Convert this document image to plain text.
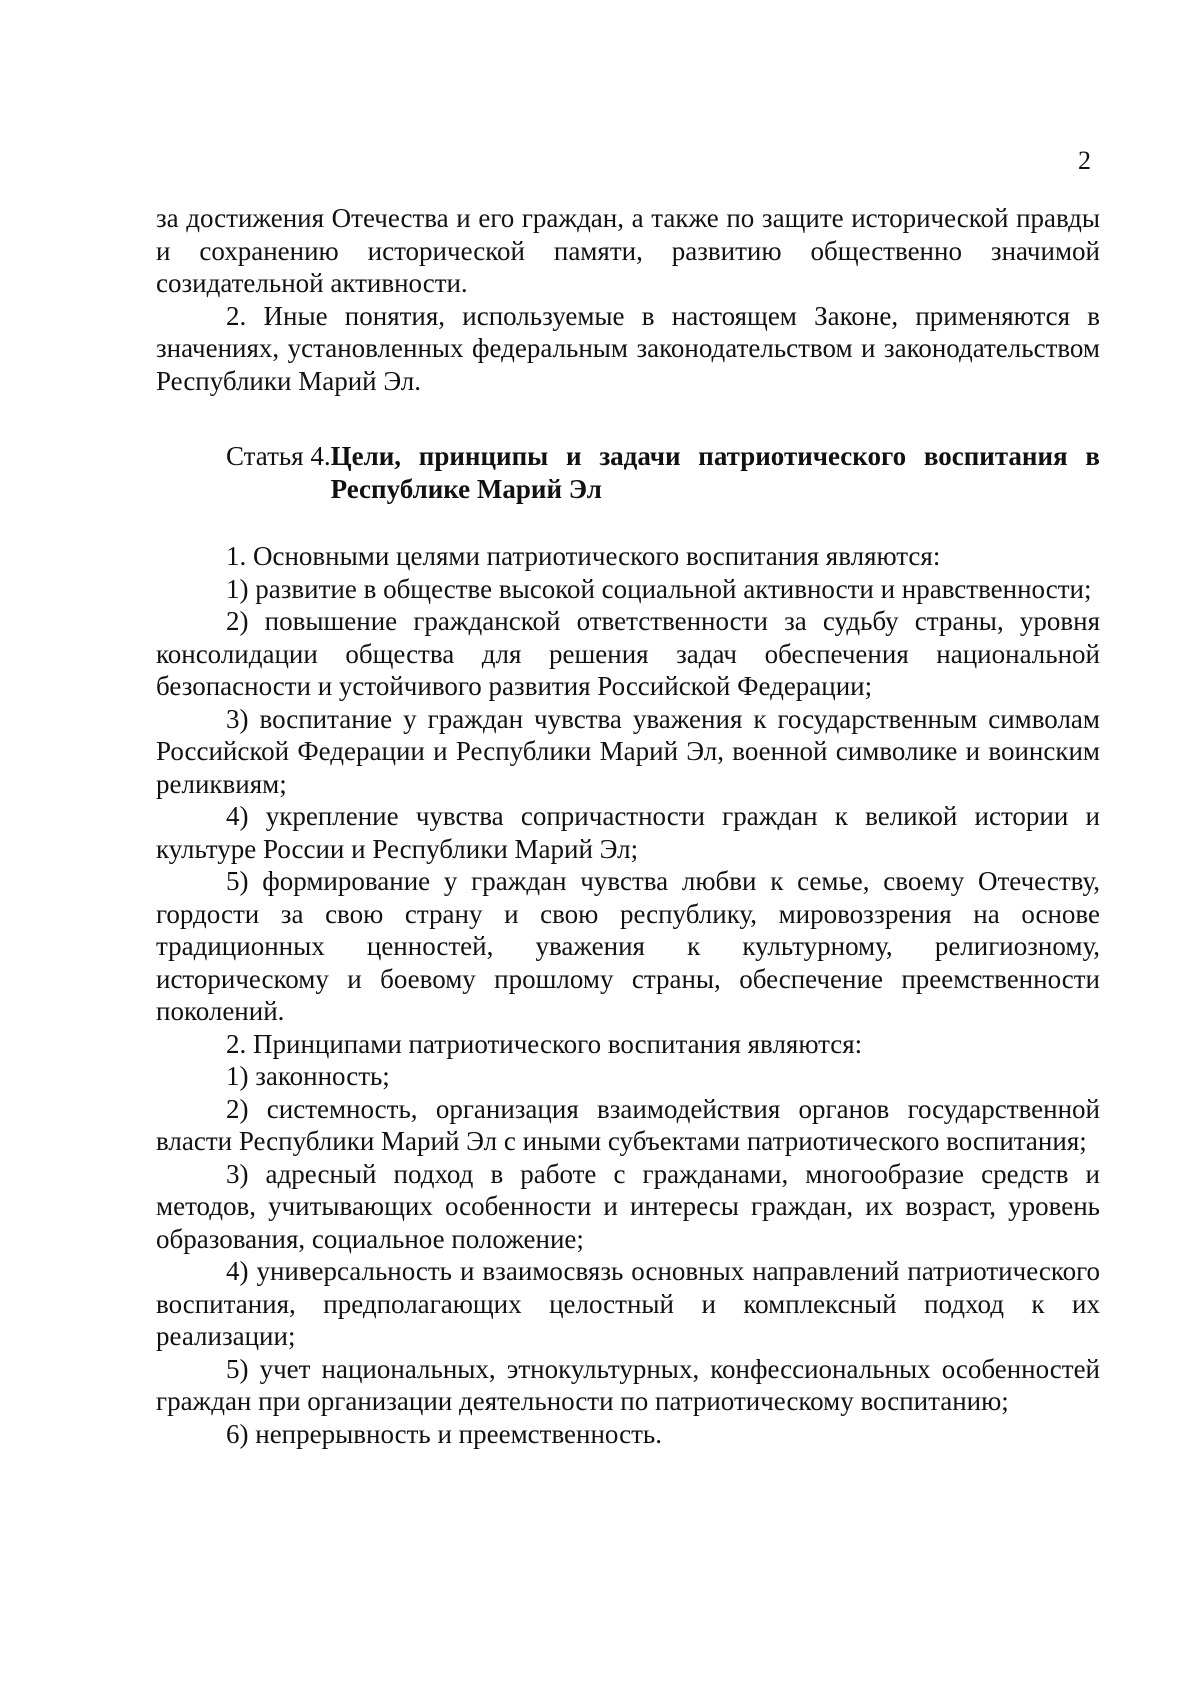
2

за достижения Отечества и его граждан, а также по защите исторической правды и сохранению исторической памяти, развитию общественно значимой созидательной активности.

2. Иные понятия, используемые в настоящем Законе, применяются в значениях, установленных федеральным законодательством и законодательством Республики Марий Эл.

Статья 4. Цели, принципы и задачи патриотического воспитания в Республике Марий Эл

1. Основными целями патриотического воспитания являются:

1) развитие в обществе высокой социальной активности и нравственности;

2) повышение гражданской ответственности за судьбу страны, уровня консолидации общества для решения задач обеспечения национальной безопасности и устойчивого развития Российской Федерации;

3) воспитание у граждан чувства уважения к государственным символам Российской Федерации и Республики Марий Эл, военной символике и воинским реликвиям;

4) укрепление чувства сопричастности граждан к великой истории и культуре России и Республики Марий Эл;

5) формирование у граждан чувства любви к семье, своему Отечеству, гордости за свою страну и свою республику, мировоззрения на основе традиционных ценностей, уважения к культурному, религиозному, историческому и боевому прошлому страны, обеспечение преемственности поколений.

2. Принципами патриотического воспитания являются:

1) законность;

2) системность, организация взаимодействия органов государственной власти Республики Марий Эл с иными субъектами патриотического воспитания;

3) адресный подход в работе с гражданами, многообразие средств и методов, учитывающих особенности и интересы граждан, их возраст, уровень образования, социальное положение;

4) универсальность и взаимосвязь основных направлений патриотического воспитания, предполагающих целостный и комплексный подход к их реализации;

5) учет национальных, этнокультурных, конфессиональных особенностей граждан при организации деятельности по патриотическому воспитанию;

6) непрерывность и преемственность.
